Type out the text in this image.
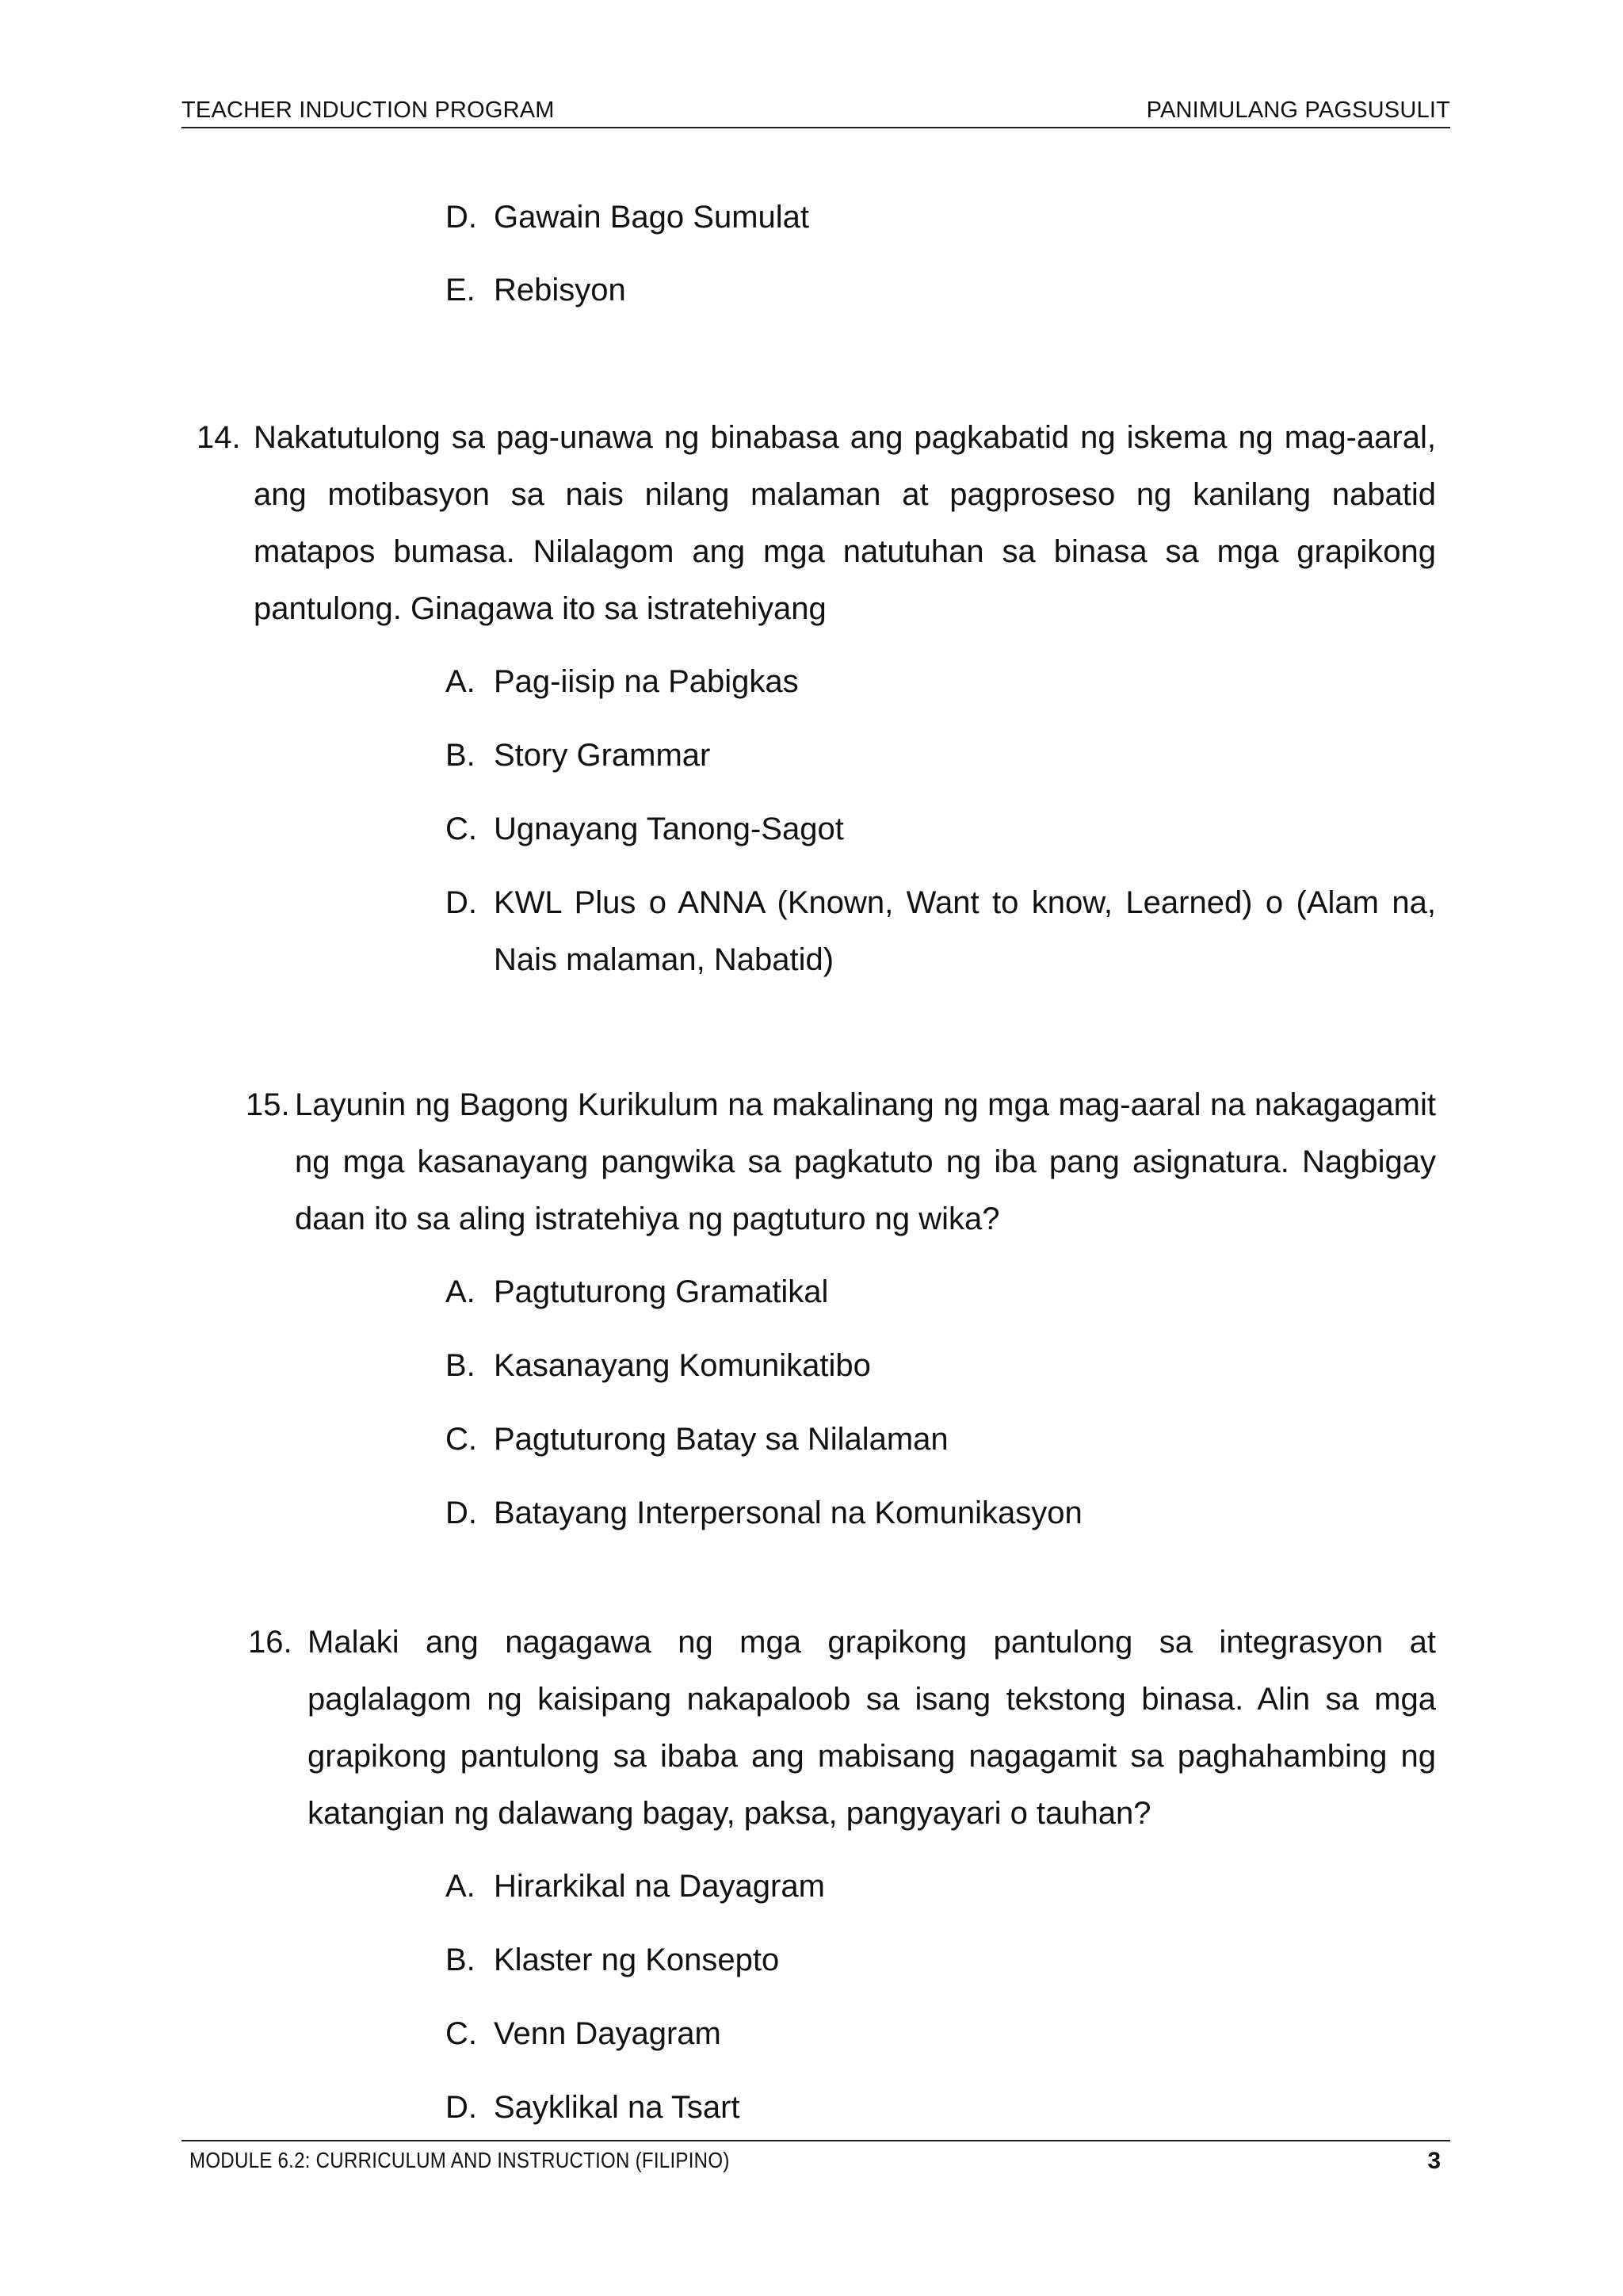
TEACHER INDUCTION PROGRAM	PANIMULANG PAGSUSULIT
D. Gawain Bago Sumulat
E. Rebisyon
14. Nakatutulong sa pag-unawa ng binabasa ang pagkabatid ng iskema ng mag-aaral, ang motibasyon sa nais nilang malaman at pagproseso ng kanilang nabatid matapos bumasa. Nilalagom ang mga natutuhan sa binasa sa mga grapikong pantulong. Ginagawa ito sa istratehiyang
A. Pag-iisip na Pabigkas
B. Story Grammar
C. Ugnayang Tanong-Sagot
D. KWL Plus o ANNA (Known, Want to know, Learned) o (Alam na, Nais malaman, Nabatid)
15. Layunin ng Bagong Kurikulum na makalinang ng mga mag-aaral na nakagagamit ng mga kasanayang pangwika sa pagkatuto ng iba pang asignatura. Nagbigay daan ito sa aling istratehiya ng pagtuturo ng wika?
A. Pagtuturong Gramatikal
B. Kasanayang Komunikatibo
C. Pagtuturong Batay sa Nilalaman
D. Batayang Interpersonal na Komunikasyon
16. Malaki ang nagagawa ng mga grapikong pantulong sa integrasyon at paglalagom ng kaisipang nakapaloob sa isang tekstong binasa. Alin sa mga grapikong pantulong sa ibaba ang mabisang nagagamit sa paghahambing ng katangian ng dalawang bagay, paksa, pangyayari o tauhan?
A. Hirarkikal na Dayagram
B. Klaster ng Konsepto
C. Venn Dayagram
D. Sayklikal na Tsart
MODULE 6.2: CURRICULUM AND INSTRUCTION (FILIPINO)	3
